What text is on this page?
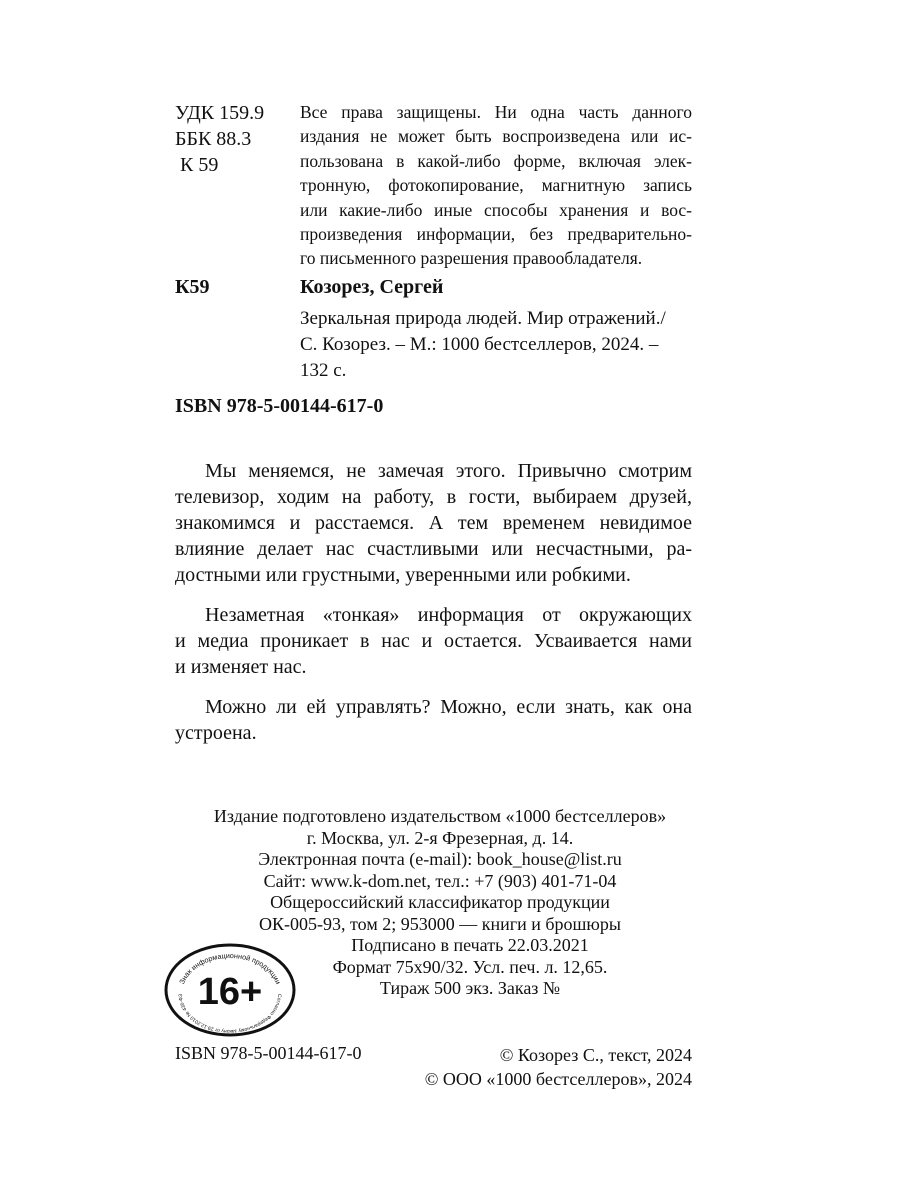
УДК 159.9
ББК 88.3
К 59
Все права защищены. Ни одна часть данного
издания не может быть воспроизведена или ис-
пользована в какой-либо форме, включая элек-
тронную, фотокопирование, магнитную запись
или какие-либо иные способы хранения и вос-
произведения информации, без предварительно-
го письменного разрешения правообладателя.
К59	Козорез, Сергей
Зеркальная природа людей. Мир отражений./
С. Козорез. – М.: 1000 бестселлеров, 2024. –
132 с.
ISBN 978-5-00144-617-0

Мы меняемся, не замечая этого. Привычно смотрим
телевизор, ходим на работу, в гости, выбираем друзей,
знакомимся и расстаемся. А тем временем невидимое
влияние делает нас счастливыми или несчастными, ра-
достными или грустными, уверенными или робкими.

Незаметная «тонкая» информация от окружающих
и медиа проникает в нас и остается. Усваивается нами
и изменяет нас.

Можно ли ей управлять? Можно, если знать, как она
устроена.

Издание подготовлено издательством «1000 бестселлеров»
г. Москва, ул. 2-я Фрезерная, д. 14.
Электронная почта (e-mail): book_house@list.ru
Сайт: www.k-dom.net, тел.: +7 (903) 401-71-04
Общероссийский классификатор продукции
ОК-005-93, том 2; 953000 — книги и брошюры
Подписано в печать 22.03.2021
Формат 75х90/32. Усл. печ. л. 12,65.
Тираж 500 экз. Заказ №
Знак информационной продукции
Согласно Федеральному закону от 29.12.2010 № 436-ФЗ 16+
ISBN 978-5-00144-617-0	© Козорез С., текст, 2024
© ООО «1000 бестселлеров», 2024
